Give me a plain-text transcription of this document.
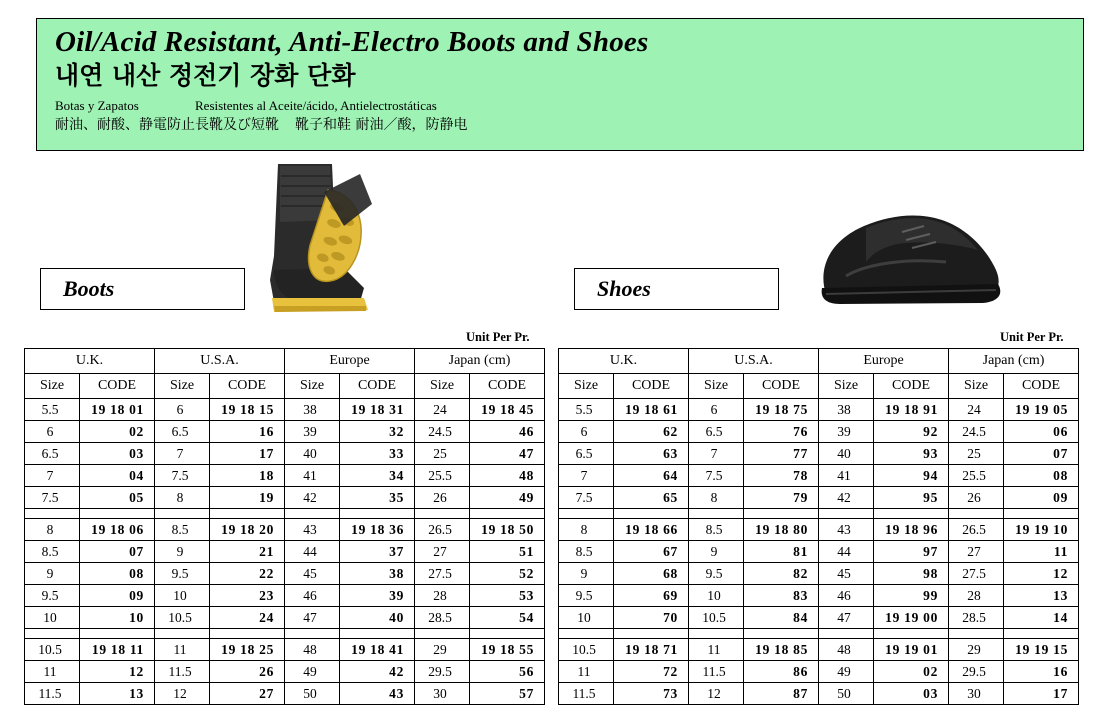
Oil/Acid Resistant, Anti-Electro Boots and Shoes
내연 내산 정전기 장화 단화
Botas y Zapatos	Resistentes al Aceite/ácido, Antielectrostáticas
耐油、耐酸、静電防止長靴及び短靴 靴子和鞋 耐油／酸，防静电
Boots	Shoes
Unit Per Pr.	Unit Per Pr.
U.K.		U.S.A.		Europe		Japan (cm)	
Size	CODE	Size	CODE	Size	CODE	Size	CODE
5.5	19 18 01	6	19 18 15	38	19 18 31	24	19 18 45
6	02	6.5	16	39	32	24.5	46
6.5	03	7	17	40	33	25	47
7	04	7.5	18	41	34	25.5	48
7.5	05	8	19	42	35	26	49

8	19 18 06	8.5	19 18 20	43	19 18 36	26.5	19 18 50
8.5	07	9	21	44	37	27	51
9	08	9.5	22	45	38	27.5	52
9.5	09	10	23	46	39	28	53
10	10	10.5	24	47	40	28.5	54

10.5	19 18 11	11	19 18 25	48	19 18 41	29	19 18 55
11	12	11.5	26	49	42	29.5	56
11.5	13	12	27	50	43	30	57
U.K.		U.S.A.		Europe		Japan (cm)	
Size	CODE	Size	CODE	Size	CODE	Size	CODE
5.5	19 18 61	6	19 18 75	38	19 18 91	24	19 19 05
6	62	6.5	76	39	92	24.5	06
6.5	63	7	77	40	93	25	07
7	64	7.5	78	41	94	25.5	08
7.5	65	8	79	42	95	26	09

8	19 18 66	8.5	19 18 80	43	19 18 96	26.5	19 19 10
8.5	67	9	81	44	97	27	11
9	68	9.5	82	45	98	27.5	12
9.5	69	10	83	46	99	28	13
10	70	10.5	84	47	19 19 00	28.5	14

10.5	19 18 71	11	19 18 85	48	19 19 01	29	19 19 15
11	72	11.5	86	49	02	29.5	16
11.5	73	12	87	50	03	30	17
